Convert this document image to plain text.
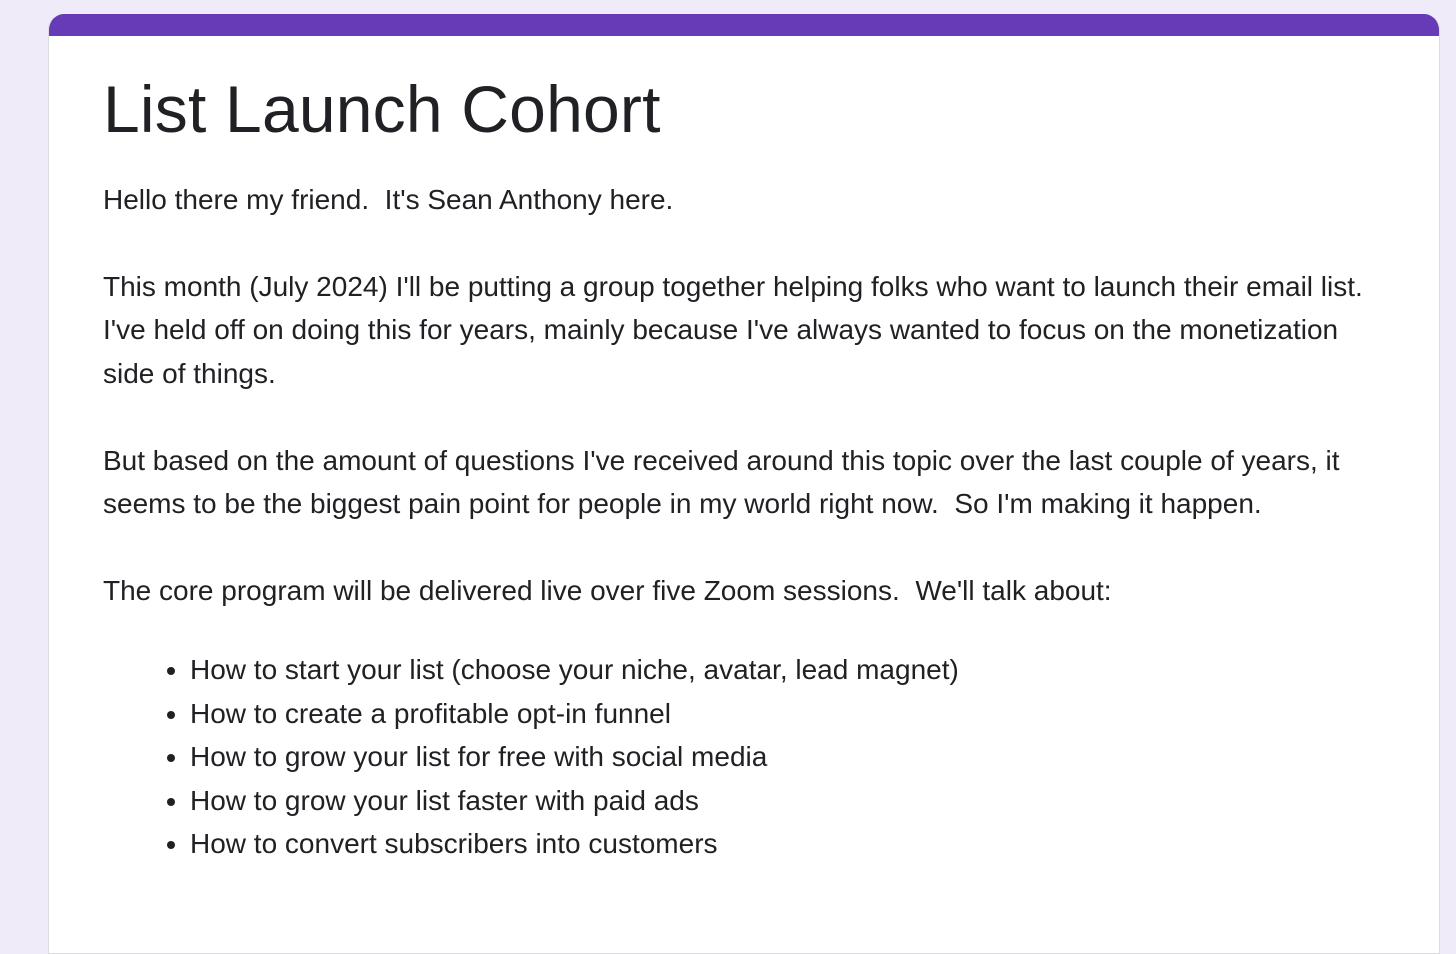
List Launch Cohort

Hello there my friend.  It's Sean Anthony here.

This month (July 2024) I'll be putting a group together helping folks who want to launch their email list.  I've held off on doing this for years, mainly because I've always wanted to focus on the monetization side of things.

But based on the amount of questions I've received around this topic over the last couple of years, it seems to be the biggest pain point for people in my world right now.  So I'm making it happen.

The core program will be delivered live over five Zoom sessions.  We'll talk about:

• How to start your list (choose your niche, avatar, lead magnet)
• How to create a profitable opt-in funnel
• How to grow your list for free with social media
• How to grow your list faster with paid ads
• How to convert subscribers into customers
